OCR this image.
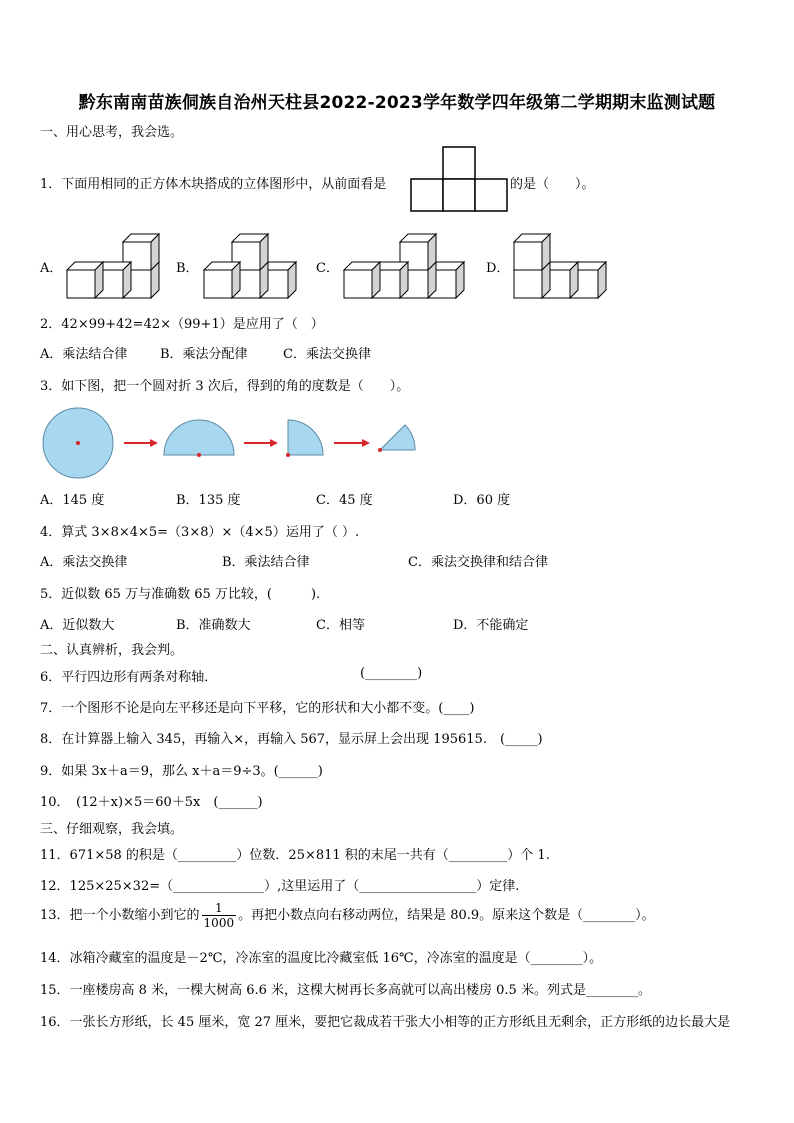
黔东南南苗族侗族自治州天柱县2022-2023学年数学四年级第二学期期末监测试题
一、用心思考，我会选。
1．下面用相同的正方体木块搭成的立体图形中，从前面看是	的是（　　）。
A．	B．	C．	D．
2．42×99+42=42×（99+1）是应用了（　）
A．乘法结合律	B．乘法分配律	C．乘法交换律
3．如下图，把一个圆对折 3 次后，得到的角的度数是（　　）。
A．145 度	B．135 度	C．45 度	D．60 度
4．算式 3×8×4×5=（3×8）×（4×5）运用了（ ）.
A．乘法交换律	B．乘法结合律	C．乘法交换律和结合律
5．近似数 65 万与准确数 65 万比较，(　　　).
A．近似数大	B．准确数大	C．相等	D．不能确定
二、认真辨析，我会判。
6．平行四边形有两条对称轴．	(________)
7．一个图形不论是向左平移还是向下平移，它的形状和大小都不变。(____)
8．在计算器上输入 345，再输入×，再输入 567，显示屏上会出现 195615.　(_____)
9．如果 3x＋a＝9，那么 x＋a＝9÷3。(______)
10．　(12＋x)×5＝60＋5x　(______)
三、仔细观察，我会填。
11．671×58 的积是（_________）位数．25×811 积的末尾一共有（_________）个 1.
12．125×25×32=（______________）,这里运用了（__________________）定律.
13．把一个小数缩小到它的 $\frac{1}{1000}$ 。再把小数点向右移动两位，结果是 80.9。原来这个数是（________）。
14．冰箱冷藏室的温度是－2℃，冷冻室的温度比冷藏室低 16℃，冷冻室的温度是（________）。
15．一座楼房高 8 米，一棵大树高 6.6 米，这棵大树再长多高就可以高出楼房 0.5 米。列式是________。
16．一张长方形纸，长 45 厘米，宽 27 厘米，要把它裁成若干张大小相等的正方形纸且无剩余，正方形纸的边长最大是
